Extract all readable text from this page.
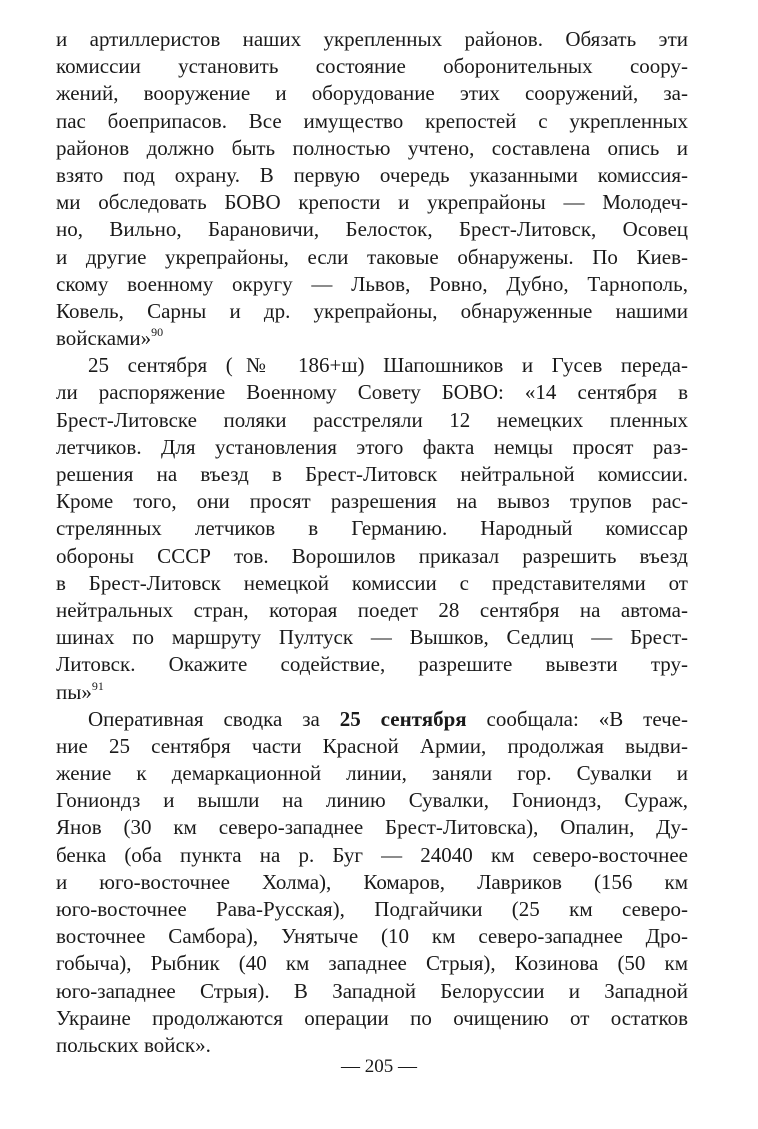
и артиллеристов наших укрепленных районов. Обязать эти
комиссии установить состояние оборонительных соору-
жений, вооружение и оборудование этих сооружений, за-
пас боеприпасов. Все имущество крепостей с укрепленных
районов должно быть полностью учтено, составлена опись и
взято под охрану. В первую очередь указанными комиссия-
ми обследовать БОВО крепости и укрепрайоны — Молодеч-
но, Вильно, Барановичи, Белосток, Брест-Литовск, Осовец
и другие укрепрайоны, если таковые обнаружены. По Киев-
скому военному округу — Львов, Ровно, Дубно, Тарнополь,
Ковель, Сарны и др. укрепрайоны, обнаруженные нашими
войсками»$^{90}$
25 сентября (№ 186+ш) Шапошников и Гусев переда-
ли распоряжение Военному Совету БОВО: «14 сентября в
Брест-Литовске поляки расстреляли 12 немецких пленных
летчиков. Для установления этого факта немцы просят раз-
решения на въезд в Брест-Литовск нейтральной комиссии.
Кроме того, они просят разрешения на вывоз трупов рас-
стрелянных летчиков в Германию. Народный комиссар
обороны СССР тов. Ворошилов приказал разрешить въезд
в Брест-Литовск немецкой комиссии с представителями от
нейтральных стран, которая поедет 28 сентября на автома-
шинах по маршруту Пултуск — Вышков, Седлиц — Брест-
Литовск. Окажите содействие, разрешите вывезти тру-
пы»$^{91}$
Оперативная сводка за 25 сентября сообщала: «В тече-
ние 25 сентября части Красной Армии, продолжая выдви-
жение к демаркационной линии, заняли гор. Сувалки и
Гониондз и вышли на линию Сувалки, Гониондз, Сураж,
Янов (30 км северо-западнее Брест-Литовска), Опалин, Ду-
бенка (оба пункта на р. Буг — 24040 км северо-восточнее
и юго-восточнее Холма), Комаров, Лавриков (156 км
юго-восточнее Рава-Русская), Подгайчики (25 км северо-
восточнее Самбора), Унятыче (10 км северо-западнее Дро-
гобыча), Рыбник (40 км западнее Стрыя), Козинова (50 км
юго-западнее Стрыя). В Западной Белоруссии и Западной
Украине продолжаются операции по очищению от остатков
польских войск».
— 205 —
